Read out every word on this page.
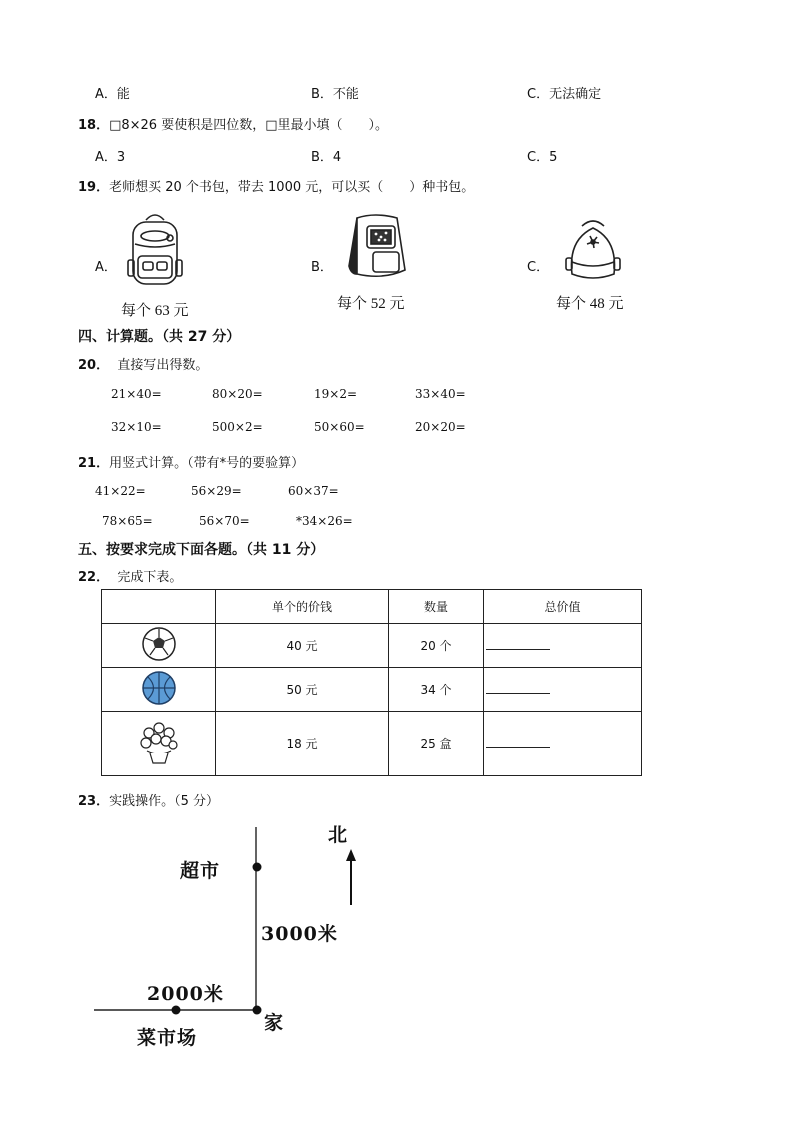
A．能	B．不能	C．无法确定
18．□8×26 要使积是四位数，□里最小填（　　）。
A．3	B．4	C．5
19．老师想买 20 个书包，带去 1000 元，可以买（　　）种书包。
A．	B．	C．
每个 63 元	每个 52 元	每个 48 元
四、计算题。（共 27 分）
20． 直接写出得数。
21×40=	80×20=	19×2=	33×40=
32×10=	500×2=	50×60=	20×20=
21．用竖式计算。（带有*号的要验算）
41×22=	56×29=	60×37=
78×65=	56×70=	*34×26=
五、按要求完成下面各题。（共 11 分）
22． 完成下表。
	单个的价钱	数量	总价值
	40 元	20 个	
	50 元	34 个	
	18 元	25 盒	
23．实践操作。（5 分）
北
超市
3000米
2000米
家
菜市场
